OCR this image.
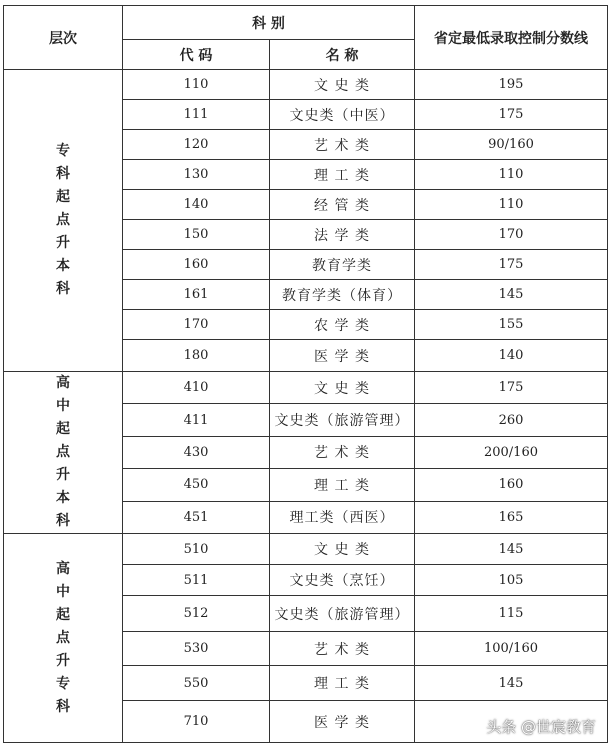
层次	科 别		省定最低录取控制分数线
	代 码	名 称	
专科起点升本科	110	文 史 类	195
	111	文史类（中医）	175
	120	艺 术 类	90/160
	130	理 工 类	110
	140	经 管 类	110
	150	法 学 类	170
	160	教育学类	175
	161	教育学类（体育）	145
	170	农 学 类	155
	180	医 学 类	140
高中起点升本科	410	文 史 类	175
	411	文史类（旅游管理）	260
	430	艺 术 类	200/160
	450	理 工 类	160
	451	理工类（西医）	165
高中起点升专科	510	文 史 类	145
	511	文史类（烹饪）	105
	512	文史类（旅游管理）	115
	530	艺 术 类	100/160
	550	理 工 类	145
	710	医 学 类		头条 @世宸教育
